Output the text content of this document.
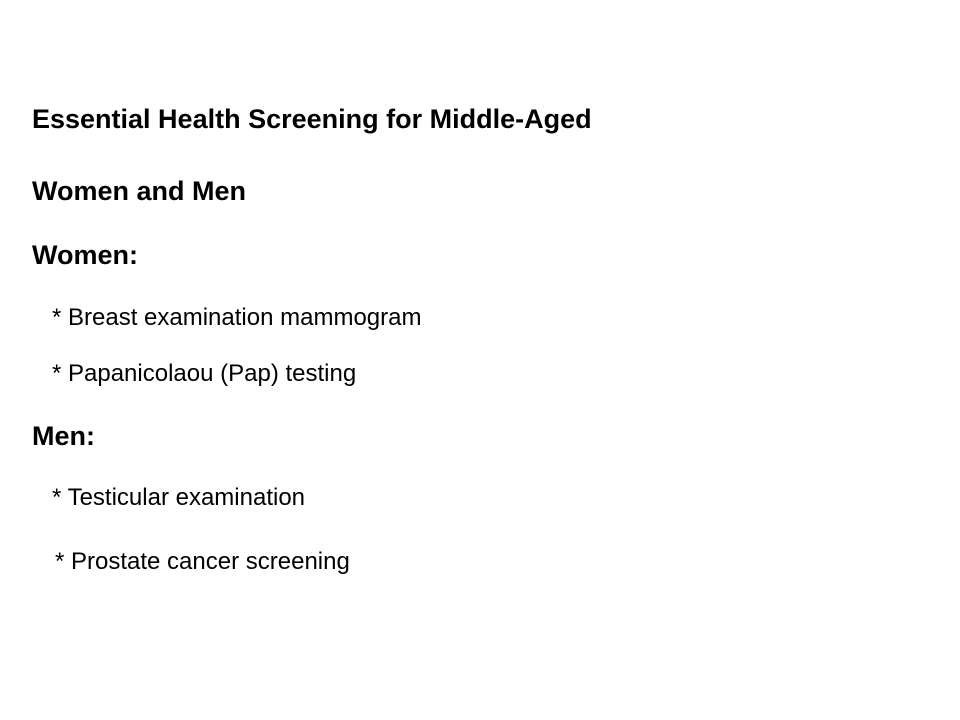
Essential Health Screening for Middle-Aged
Women and Men
Women:

* Breast examination mammogram

* Papanicolaou (Pap) testing

Men:

* Testicular examination

* Prostate cancer screening
